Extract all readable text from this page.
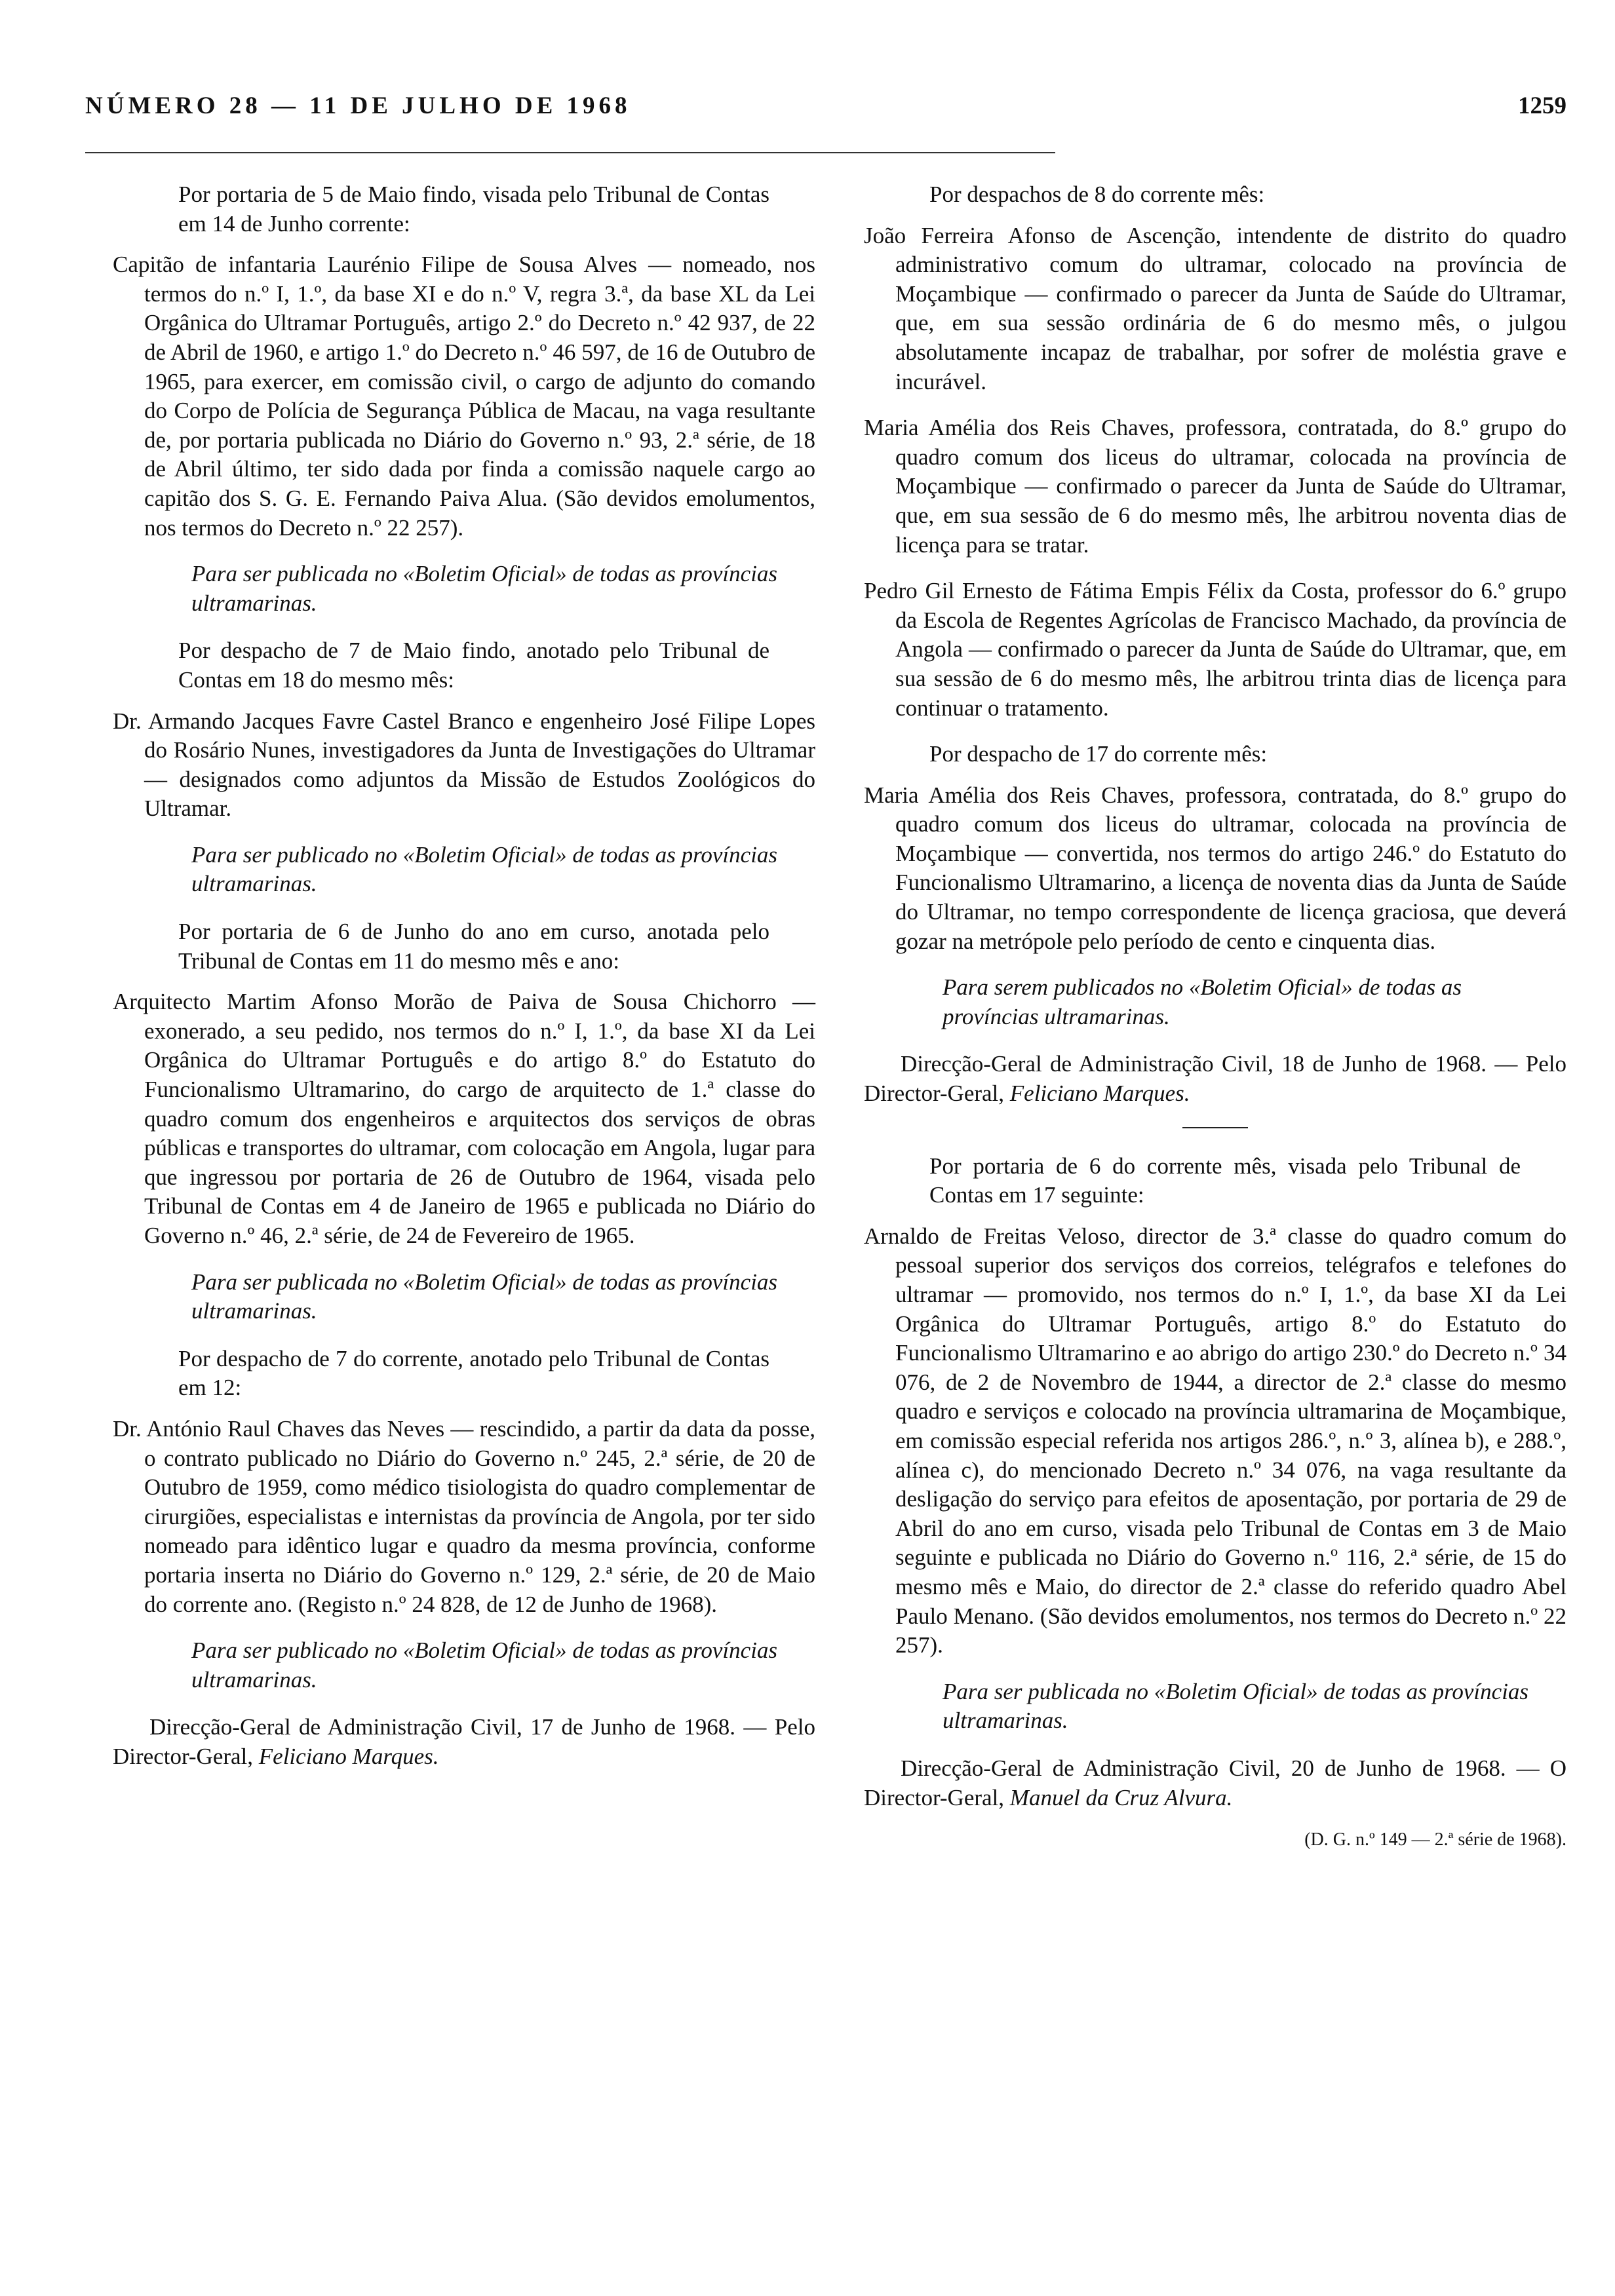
NÚMERO 28 — 11 DE JULHO DE 1968	1259

Por portaria de 5 de Maio findo, visada pelo Tribunal de Contas em 14 de Junho corrente:

Capitão de infantaria Laurénio Filipe de Sousa Alves — nomeado, nos termos do n.º I, 1.º, da base XI e do n.º V, regra 3.ª, da base XL da Lei Orgânica do Ultramar Português, artigo 2.º do Decreto n.º 42 937, de 22 de Abril de 1960, e artigo 1.º do Decreto n.º 46 597, de 16 de Outubro de 1965, para exercer, em comissão civil, o cargo de adjunto do comando do Corpo de Polícia de Segurança Pública de Macau, na vaga resultante de, por portaria publicada no Diário do Governo n.º 93, 2.ª série, de 18 de Abril último, ter sido dada por finda a comissão naquele cargo ao capitão dos S. G. E. Fernando Paiva Alua. (São devidos emolumentos, nos termos do Decreto n.º 22 257).

Para ser publicada no «Boletim Oficial» de todas as províncias ultramarinas.

Por despacho de 7 de Maio findo, anotado pelo Tribunal de Contas em 18 do mesmo mês:

Dr. Armando Jacques Favre Castel Branco e engenheiro José Filipe Lopes do Rosário Nunes, investigadores da Junta de Investigações do Ultramar — designados como adjuntos da Missão de Estudos Zoológicos do Ultramar.

Para ser publicado no «Boletim Oficial» de todas as províncias ultramarinas.

Por portaria de 6 de Junho do ano em curso, anotada pelo Tribunal de Contas em 11 do mesmo mês e ano:

Arquitecto Martim Afonso Morão de Paiva de Sousa Chichorro — exonerado, a seu pedido, nos termos do n.º I, 1.º, da base XI da Lei Orgânica do Ultramar Português e do artigo 8.º do Estatuto do Funcionalismo Ultramarino, do cargo de arquitecto de 1.ª classe do quadro comum dos engenheiros e arquitectos dos serviços de obras públicas e transportes do ultramar, com colocação em Angola, lugar para que ingressou por portaria de 26 de Outubro de 1964, visada pelo Tribunal de Contas em 4 de Janeiro de 1965 e publicada no Diário do Governo n.º 46, 2.ª série, de 24 de Fevereiro de 1965.

Para ser publicada no «Boletim Oficial» de todas as províncias ultramarinas.

Por despacho de 7 do corrente, anotado pelo Tribunal de Contas em 12:

Dr. António Raul Chaves das Neves — rescindido, a partir da data da posse, o contrato publicado no Diário do Governo n.º 245, 2.ª série, de 20 de Outubro de 1959, como médico tisiologista do quadro complementar de cirurgiões, especialistas e internistas da província de Angola, por ter sido nomeado para idêntico lugar e quadro da mesma província, conforme portaria inserta no Diário do Governo n.º 129, 2.ª série, de 20 de Maio do corrente ano. (Registo n.º 24 828, de 12 de Junho de 1968).

Para ser publicado no «Boletim Oficial» de todas as províncias ultramarinas.

Direcção-Geral de Administração Civil, 17 de Junho de 1968. — Pelo Director-Geral, Feliciano Marques.

Por despachos de 8 do corrente mês:

João Ferreira Afonso de Ascenção, intendente de distrito do quadro administrativo comum do ultramar, colocado na província de Moçambique — confirmado o parecer da Junta de Saúde do Ultramar, que, em sua sessão ordinária de 6 do mesmo mês, o julgou absolutamente incapaz de trabalhar, por sofrer de moléstia grave e incurável.

Maria Amélia dos Reis Chaves, professora, contratada, do 8.º grupo do quadro comum dos liceus do ultramar, colocada na província de Moçambique — confirmado o parecer da Junta de Saúde do Ultramar, que, em sua sessão de 6 do mesmo mês, lhe arbitrou noventa dias de licença para se tratar.

Pedro Gil Ernesto de Fátima Empis Félix da Costa, professor do 6.º grupo da Escola de Regentes Agrícolas de Francisco Machado, da província de Angola — confirmado o parecer da Junta de Saúde do Ultramar, que, em sua sessão de 6 do mesmo mês, lhe arbitrou trinta dias de licença para continuar o tratamento.

Por despacho de 17 do corrente mês:

Maria Amélia dos Reis Chaves, professora, contratada, do 8.º grupo do quadro comum dos liceus do ultramar, colocada na província de Moçambique — convertida, nos termos do artigo 246.º do Estatuto do Funcionalismo Ultramarino, a licença de noventa dias da Junta de Saúde do Ultramar, no tempo correspondente de licença graciosa, que deverá gozar na metrópole pelo período de cento e cinquenta dias.

Para serem publicados no «Boletim Oficial» de todas as províncias ultramarinas.

Direcção-Geral de Administração Civil, 18 de Junho de 1968. — Pelo Director-Geral, Feliciano Marques.

Por portaria de 6 do corrente mês, visada pelo Tribunal de Contas em 17 seguinte:

Arnaldo de Freitas Veloso, director de 3.ª classe do quadro comum do pessoal superior dos serviços dos correios, telégrafos e telefones do ultramar — promovido, nos termos do n.º I, 1.º, da base XI da Lei Orgânica do Ultramar Português, artigo 8.º do Estatuto do Funcionalismo Ultramarino e ao abrigo do artigo 230.º do Decreto n.º 34 076, de 2 de Novembro de 1944, a director de 2.ª classe do mesmo quadro e serviços e colocado na província ultramarina de Moçambique, em comissão especial referida nos artigos 286.º, n.º 3, alínea b), e 288.º, alínea c), do mencionado Decreto n.º 34 076, na vaga resultante da desligação do serviço para efeitos de aposentação, por portaria de 29 de Abril do ano em curso, visada pelo Tribunal de Contas em 3 de Maio seguinte e publicada no Diário do Governo n.º 116, 2.ª série, de 15 do mesmo mês e Maio, do director de 2.ª classe do referido quadro Abel Paulo Menano. (São devidos emolumentos, nos termos do Decreto n.º 22 257).

Para ser publicada no «Boletim Oficial» de todas as províncias ultramarinas.

Direcção-Geral de Administração Civil, 20 de Junho de 1968. — O Director-Geral, Manuel da Cruz Alvura.

(D. G. n.º 149 — 2.ª série de 1968).
